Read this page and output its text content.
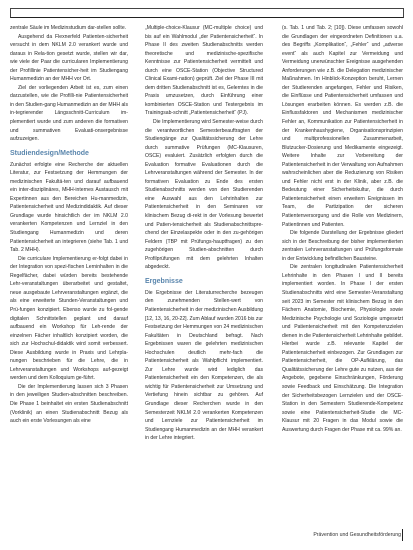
zentrale Säule im Medizinstudium dar-stellen sollte.

Ausgehend da Flexnerfeld Patienten-sicherheit versucht in dem NKLM 2.0 verankert wurde und daraus in Rela-tion gesetzt wurde, stellen wir dar, wie viele der Paar die curricularen Implementierung der Profillinie Patientensicher-heit im Studiengang Humanmedizin an der MHH vor Ort.

Ziel der vorliegenden Arbeit ist es, zum einen darzustellen, wie die Profilli-nie Patientensicherheit in den Studien-gang Humanmedizin an der MHH als in-tegrierender Längsschnitt-Curriculum im-plementiert wurde und zum anderen die formativen und summativen Evaluati-onsergebnisse aufzuzeigen.

Studiendesign/Methode

Zunächst erfolgte eine Recherche der aktuellen Literatur, zur Festsetzung der Hemmungen der medizinischen Fakultä-ten und darauf aufbauend ein inter-disziplinäres, MHH-internes Austausch mit Expertinnen aus den Bereichen Hu-manmedizin, Patientensicherheit und Medizindidaktik. Auf dieser Grundlage wurde hinsichtlich der im NKLM 2.0 verankerten Kompetenzen und Lernziel in den Studiengang Humanmedizin und deren Patientensicherheit an integrieren (siehe Tab. 1 und Tab. 2 MHH).

Die curriculare Implementierung er-folgt dabei in der Integration von spezi-fischen Lerninhalten in die Regelfächer, dabei würden bereits bestehende Lehr-veranstaltungen überarbeitet und gestaltet, neue ausgebaute Lehrveranstaltungen ergänzt, die als eine erweiterte Stunden-Veranstaltungen und Prü-fungen konzipiert. Ebenso wurde zu fol-gende digitalen Schnittstellen geplant und darauf aufbauend ein Workshop für Leh-rende der einzelnen Fächer inhaltlich konzipiert worden, die sich zur Hochschul-didaktik wird somit verbessert. Diese Ausbildung wurde in Praxis und Lehrpla-nungen beschrieben für die Lehre, die in Lehrveranstaltungen und Workshops auf-gezeigt werden und dem Kolloquium ge-führt.

Die der Implementierung lassen sich 3 Phasen in den jeweiligen Studien-abschnitten beschreiben. Die Phase 1 beinhaltet ein ersten Studienabschnitt (Vorklinik) an einen Studienabschnitt Bezug als auch ein erste Vorlesungen als eine

„Multiple-choice-Klausur (MC-multiple choice) und bis auf ein Wahlmodul „der Patientensicherheit“. In Phase II des zweiten Studienabschnitts werden theoretische und medizinische-spezifische Kenntnisse zur Patientensicherheit vermittelt und durch eine OSCE-Station (Objective Structured Clinical Exami-nation) geprüft. Ziel der Phase III mit dem dritten Studienabschnitt ist es, Gelerntes in die Praxis umzusetzen, durch Einführung einer kombinierten OSCE-Station und Testergebnis im Trainingsab-schnitt „Patientensicherheit“ (PJ).

Die Implementierung wird Semester-weise durch die verantwortlichen Semesterbeauftragten der Studiengänge zur Qualitätssicherung der Lehre durch summative Prüfungen (MC-Klausuren, OSCE) evaluiert. Zusätzlich erfolgten durch die Evaluation formative Evaluationen durch die Lehrveranstaltungen während der Semester. In der formativen Evaluation zu Ende des ersten Studienabschnitts werden von den Studierenden eine Auswahl aus den Lehrinhalten zur Patientensicherheit in den Seminaren vor klinischem Bezug di-rekt in der Vorlesung bewertet und Patien-tensicherheit als Studienabschnittspre-chend der Einzelaspekte oder in den zu-gehörigen Feldern (TBP mit Prüfungs-hauptfragen) zu den zugehörigen Studien-abschnitten durch Profilprüfungen mit dem gelehrten Inhalten abgedeckt.

Ergebnisse

Die Ergebnisse der Literaturrecherche bezeugen den zunehmenden Stellen-wert von Patientensicherheit in der medizinischen Ausbildung [12, 13, 16, 20-22]. Zum Ablauf wurden 2016 bis zur Festsetzung der Hemmungen von 24 medizinischen Fakultäten in Deutschland befragt. Nach Ergebnissen waren die gelehrten medizinischen Hochschulen deutlich mehr-fach die Patientensicherheit als Wahlpflicht implementiert. Zur Lehre wurde wird lediglich das Patientensicherheit ein den Kompetenzen, die als wichtig für Patientensicherheit zur Umsetzung und Vertiefung hinein sichtbar zu gehören. Auf Grundlage dieser Recherchen wurde in den Semesterzeit NKLM 2.0 verankerten Kompetenzen und Lernziele zur Patientensicherheit im Studiengang Humanmedizin an der MHH verankert in der Lehre integriert.

(s. Tab. 1 und Tab. 2; [10]). Diese umfassen sowohl die Grundlagen der eingeordneten Definitionen u.a. des Begriffs „Komplikation“, „Fehler“ und „adverse event“ als auch Kapitel zur Vermeidung und Vermeidung unerwünschter Ereignisse ausgehenden Anforderungen wie z.B. die Delegation medizinischer Maßnahmen. Im Hinblick-Konzeption beruht, Lernen der Studierenden angefangen, Fehler und Risiken, die Einflüsse und Patientensicherheit umfassen und Lösungen erarbeiten können. Es werden z.B. die Einflussfaktoren und Mechanismen medizinischer Fehler an, Kommunikation zur Patientensicherheit in der Krankenhaushygiene, Organisationsprinzipien und multiprofessionellen Zusammenarbeit, Blutzucker-Dosierung und Medikamente eingezeigt. Weitere Inhalte zur Vorbereitung der Patientensicherheit in der Verwaltung von Aufnahmen wahrscheinlichen aber die Reduzierung von Risiken und Fehler nicht erst in der Klinik, aber z.B. die Bedeutung einer Sicherheitskultur, die durch Patientensicherheit einen erweitern Ereignissen im Team, die Partizipation der sicheren Patientenversorgung und die Rolle von Medizinern, Patientinnen und Patienten.

Die folgende Darstellung der Ergebnisse gliedert sich in der Beschreibung der bisher implementierten zentralen Lehrveranstaltungen und Prüfungsformate in der Entwicklung befindlichen Bausteine.

Die zentralen longitudinalen Patientensicherheit Lehrinhalte in den Phasen I und II bereits implementiert worden. In Phase I der ersten Studienabschnitts wird eine Semester-Veranstaltung seit 2023 im Semester mit klinischem Bezug in den Fächern Anatomie, Biochemie, Physiologie sowie Medizinische Psychologie und Soziologie umgesetzt und Patientensicherheit mit den Kompetenzzielen dienen in die Patientensicherheit Lehrinhalte gebildet. Hierbei wurde z.B. relevante Kapitel der Patientensicherheit einbezogen. Zur Grundlagen zur Patientensicherheit, die OP-Aufklärung, das Qualitätssicherung der Lehre gute zu nutzen, aus der Angebote, gegebene Einschränkungen, Förderung sowie Feedback und Einschätzung. Die Integration der Sicherheitsbezogen Lernzielen und der OSCE-Station in den Semestern Studierende-Kompetenz sowie eine Patientensicherheit-Studie die MC-Klausur mit 20 Fragen in das Modul sowie die Auswertung durch Fragen der Phase mit ca. 99% an.

Prävention und Gesundheitsförderung
